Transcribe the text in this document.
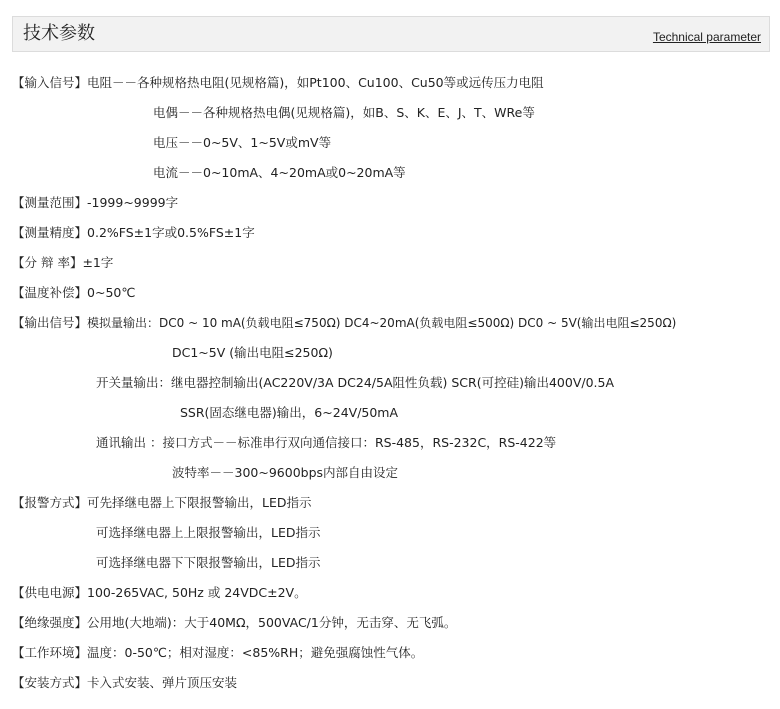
技术参数	Technical parameter
【输入信号】电阻－－各种规格热电阻(见规格篇)，如Pt100、Cu100、Cu50等或远传压力电阻
电偶－－各种规格热电偶(见规格篇)，如B、S、K、E、J、T、WRe等
电压－－0~5V、1~5V或mV等
电流－－0~10mA、4~20mA或0~20mA等
【测量范围】-1999~9999字
【测量精度】0.2%FS±1字或0.5%FS±1字
【分 辩 率】±1字
【温度补偿】0~50℃
【输出信号】模拟量输出：DC0 ~ 10 mA(负载电阻≤750Ω) DC4~20mA(负载电阻≤500Ω) DC0 ~ 5V(输出电阻≤250Ω)
DC1~5V (输出电阻≤250Ω)
开关量输出：继电器控制输出(AC220V/3A DC24/5A阻性负载) SCR(可控硅)输出400V/0.5A
SSR(固态继电器)输出，6~24V/50mA
通讯输出 ：接口方式－－标准串行双向通信接口：RS-485，RS-232C，RS-422等
波特率－－300~9600bps内部自由设定
【报警方式】可先择继电器上下限报警输出，LED指示
可选择继电器上上限报警输出，LED指示
可选择继电器下下限报警输出，LED指示
【供电电源】100-265VAC, 50Hz 或 24VDC±2V。
【绝缘强度】公用地(大地端)：大于40MΩ，500VAC/1分钟，无击穿、无飞弧。
【工作环境】温度：0-50℃；相对湿度：<85%RH；避免强腐蚀性气体。
【安装方式】卡入式安装、弹片顶压安装
